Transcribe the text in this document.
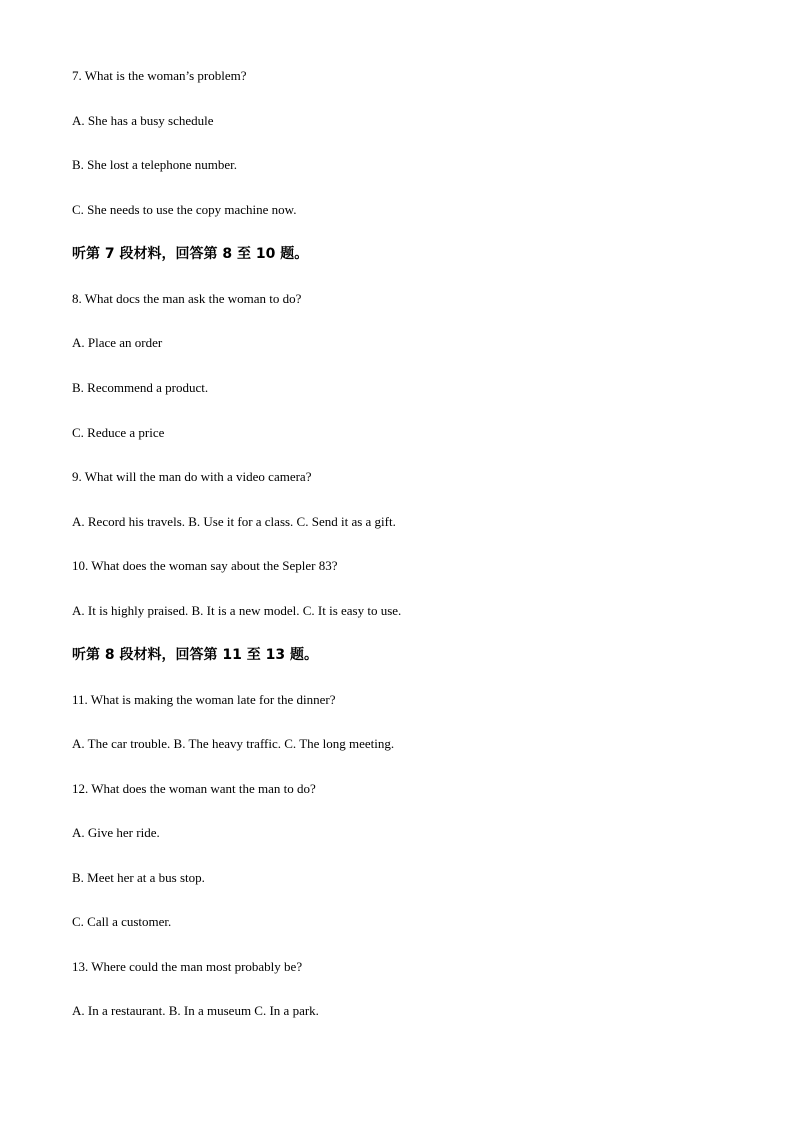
7. What is the woman’s problem?
A. She has a busy schedule
B. She lost a telephone number.
C. She needs to use the copy machine now.
听第 7 段材料，回答第 8 至 10 题。
8. What docs the man ask the woman to do?
A. Place an order
B. Recommend a product.
C. Reduce a price
9. What will the man do with a video camera?
A. Record his travels. B. Use it for a class. C. Send it as a gift.
10. What does the woman say about the Sepler 83?
A. It is highly praised. B. It is a new model. C. It is easy to use.
听第 8 段材料，回答第 11 至 13 题。
11. What is making the woman late for the dinner?
A. The car trouble. B. The heavy traffic. C. The long meeting.
12. What does the woman want the man to do?
A. Give her ride.
B. Meet her at a bus stop.
C. Call a customer.
13. Where could the man most probably be?
A. In a restaurant. B. In a museum C. In a park.
